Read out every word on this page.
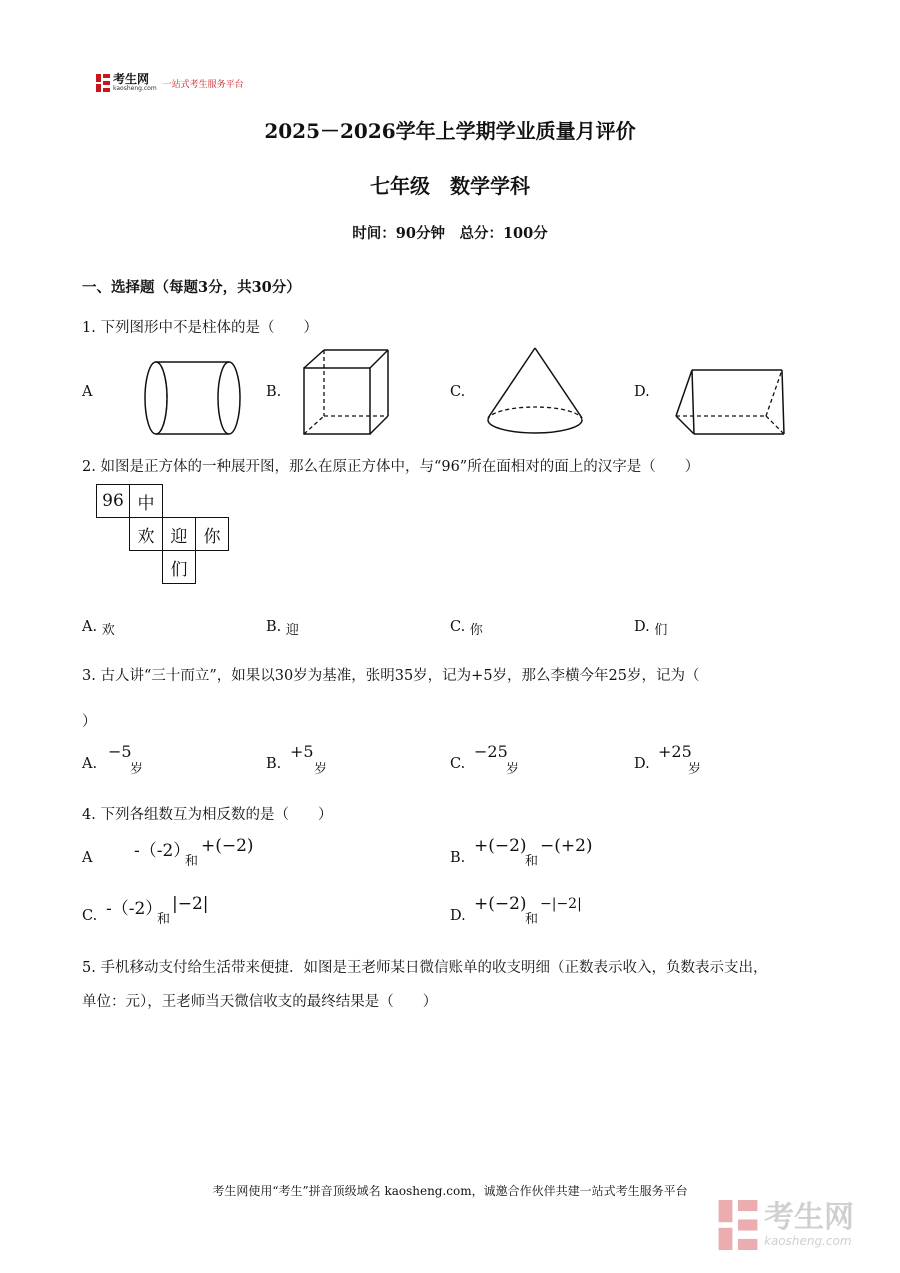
考生网
kaosheng.com 一站式考生服务平台
2025－2026学年上学期学业质量月评价
七年级　数学学科
时间：90分钟　总分：100分
一、选择题（每题3分，共30分）
1. 下列图形中不是柱体的是（　　）
A	B.	C.	D.
2. 如图是正方体的一种展开图，那么在原正方体中，与“96”所在面相对的面上的汉字是（　　）
96	中		
	欢	迎	你
		们	
A. 欢	B. 迎	C. 你	D. 们
3. 古人讲“三十而立”，如果以30岁为基准，张明35岁，记为+5岁，那么李横今年25岁，记为（
）
A.
−5
岁	B.
+5
岁	C.
−25
岁	D.
+25
岁
4. 下列各组数互为相反数的是（　　）
A -（-2）
和
+(−2)
B.
+(−2)
和
−(+2)
C. -（-2）
和
|−2|
D.
+(−2)
和
−|−2|
5. 手机移动支付给生活带来便捷．如图是王老师某日微信账单的收支明细（正数表示收入，负数表示支出，
单位：元），王老师当天微信收支的最终结果是（　　）
考生网使用“考生”拼音顶级域名 kaosheng.com，诚邀合作伙伴共建一站式考生服务平台
考生网
kaosheng.com
